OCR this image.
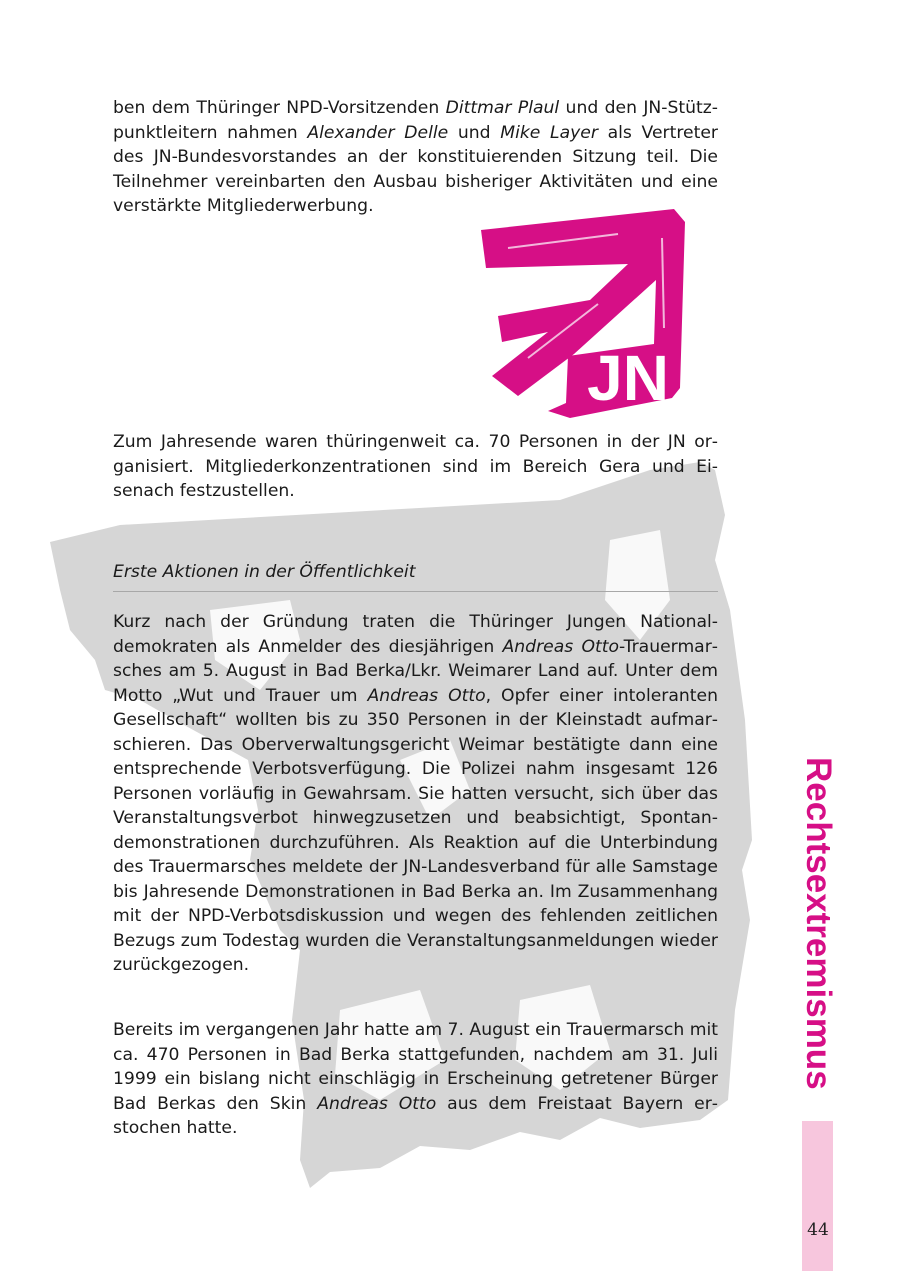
ben dem Thüringer NPD-Vorsitzenden Dittmar Plaul und den JN-Stützpunktleitern nahmen Alexander Delle und Mike Layer als Vertreter des JN-Bundesvorstandes an der konstituierenden Sitzung teil. Die Teilnehmer vereinbarten den Ausbau bisheriger Aktivitäten und eine verstärkte Mitgliederwerbung.

JN

Zum Jahresende waren thüringenweit ca. 70 Personen in der JN organisiert. Mitgliederkonzentrationen sind im Bereich Gera und Eisenach festzustellen.

Erste Aktionen in der Öffentlichkeit

Kurz nach der Gründung traten die Thüringer Jungen Nationaldemokraten als Anmelder des diesjährigen Andreas Otto-Trauermarsches am 5. August in Bad Berka/Lkr. Weimarer Land auf. Unter dem Motto „Wut und Trauer um Andreas Otto, Opfer einer intoleranten Gesellschaft“ wollten bis zu 350 Personen in der Kleinstadt aufmarschieren. Das Oberverwaltungsgericht Weimar bestätigte dann eine entsprechende Verbotsverfügung. Die Polizei nahm insgesamt 126 Personen vorläufig in Gewahrsam. Sie hatten versucht, sich über das Veranstaltungsverbot hinwegzusetzen und beabsichtigt, Spontandemonstrationen durchzuführen. Als Reaktion auf die Unterbindung des Trauermarsches meldete der JN-Landesverband für alle Samstage bis Jahresende Demonstrationen in Bad Berka an. Im Zusammenhang mit der NPD-Verbotsdiskussion und wegen des fehlenden zeitlichen Bezugs zum Todestag wurden die Veranstaltungsanmeldungen wieder zurückgezogen.

Bereits im vergangenen Jahr hatte am 7. August ein Trauermarsch mit ca. 470 Personen in Bad Berka stattgefunden, nachdem am 31. Juli 1999 ein bislang nicht einschlägig in Erscheinung getretener Bürger Bad Berkas den Skin Andreas Otto aus dem Freistaat Bayern erstochen hatte.

Rechtsextremismus
44
